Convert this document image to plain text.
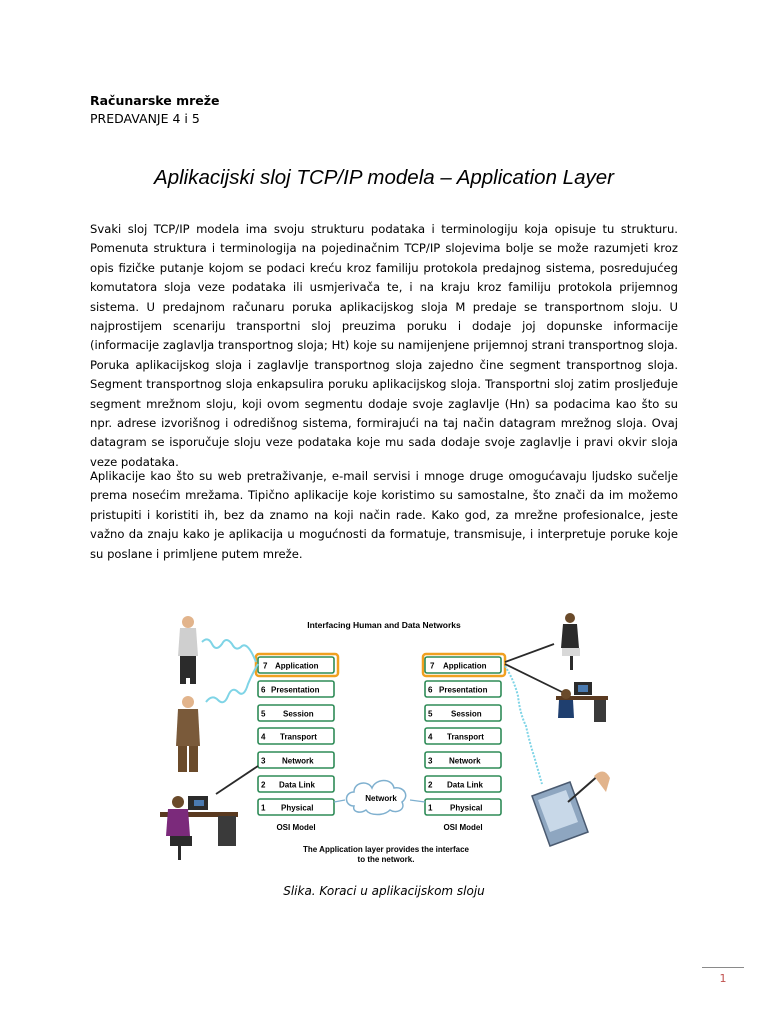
Računarske mreže
PREDAVANJE 4 i 5
Aplikacijski sloj TCP/IP modela – Application Layer

Svaki sloj TCP/IP modela ima svoju strukturu podataka i terminologiju koja opisuje tu strukturu. Pomenuta struktura i terminologija na pojedinačnim TCP/IP slojevima bolje se može razumjeti kroz opis fizičke putanje kojom se podaci kreću kroz familiju protokola predajnog sistema, posredujućeg komutatora sloja veze podataka ili usmjerivača te, i na kraju kroz familiju protokola prijemnog sistema. U predajnom računaru poruka aplikacijskog sloja M predaje se transportnom sloju. U najprostijem scenariju transportni sloj preuzima poruku i dodaje joj dopunske informacije (informacije zaglavlja transportnog sloja; Ht) koje su namijenjene prijemnoj strani transportnog sloja. Poruka aplikacijskog sloja i zaglavlje transportnog sloja zajedno čine segment transportnog sloja. Segment transportnog sloja enkapsulira poruku aplikacijskog sloja. Transportni sloj zatim prosljeđuje segment mrežnom sloju, koji ovom segmentu dodaje svoje zaglavlje (Hn) sa podacima kao što su npr. adrese izvorišnog i odredišnog sistema, formirajući na taj način datagram mrežnog sloja. Ovaj datagram se isporučuje sloju veze podataka koje mu sada dodaje svoje zaglavlje i pravi okvir sloja veze podataka.

Aplikacije kao što su web pretraživanje, e-mail servisi i mnoge druge omogućavaju ljudsko sučelje prema nosećim mrežama. Tipično aplikacije koje koristimo su samostalne, što znači da im možemo pristupiti i koristiti ih, bez da znamo na koji način rade. Kako god, za mrežne profesionalce, jeste važno da znaju kako je aplikacija u mogućnosti da formatuje, transmisuje, i interpretuje poruke koje su poslane i primljene putem mreže.

Interfacing Human and Data Networks
7 Application
6 Presentation
5 Session
4 Transport
3 Network
2 Data Link
1 Physical
OSI Model
7 Application
6 Presentation
5 Session
4 Transport
3 Network
2 Data Link
1 Physical
OSI Model
Network
The Application layer provides the interface
to the network.
Slika. Koraci u aplikacijskom sloju
1
